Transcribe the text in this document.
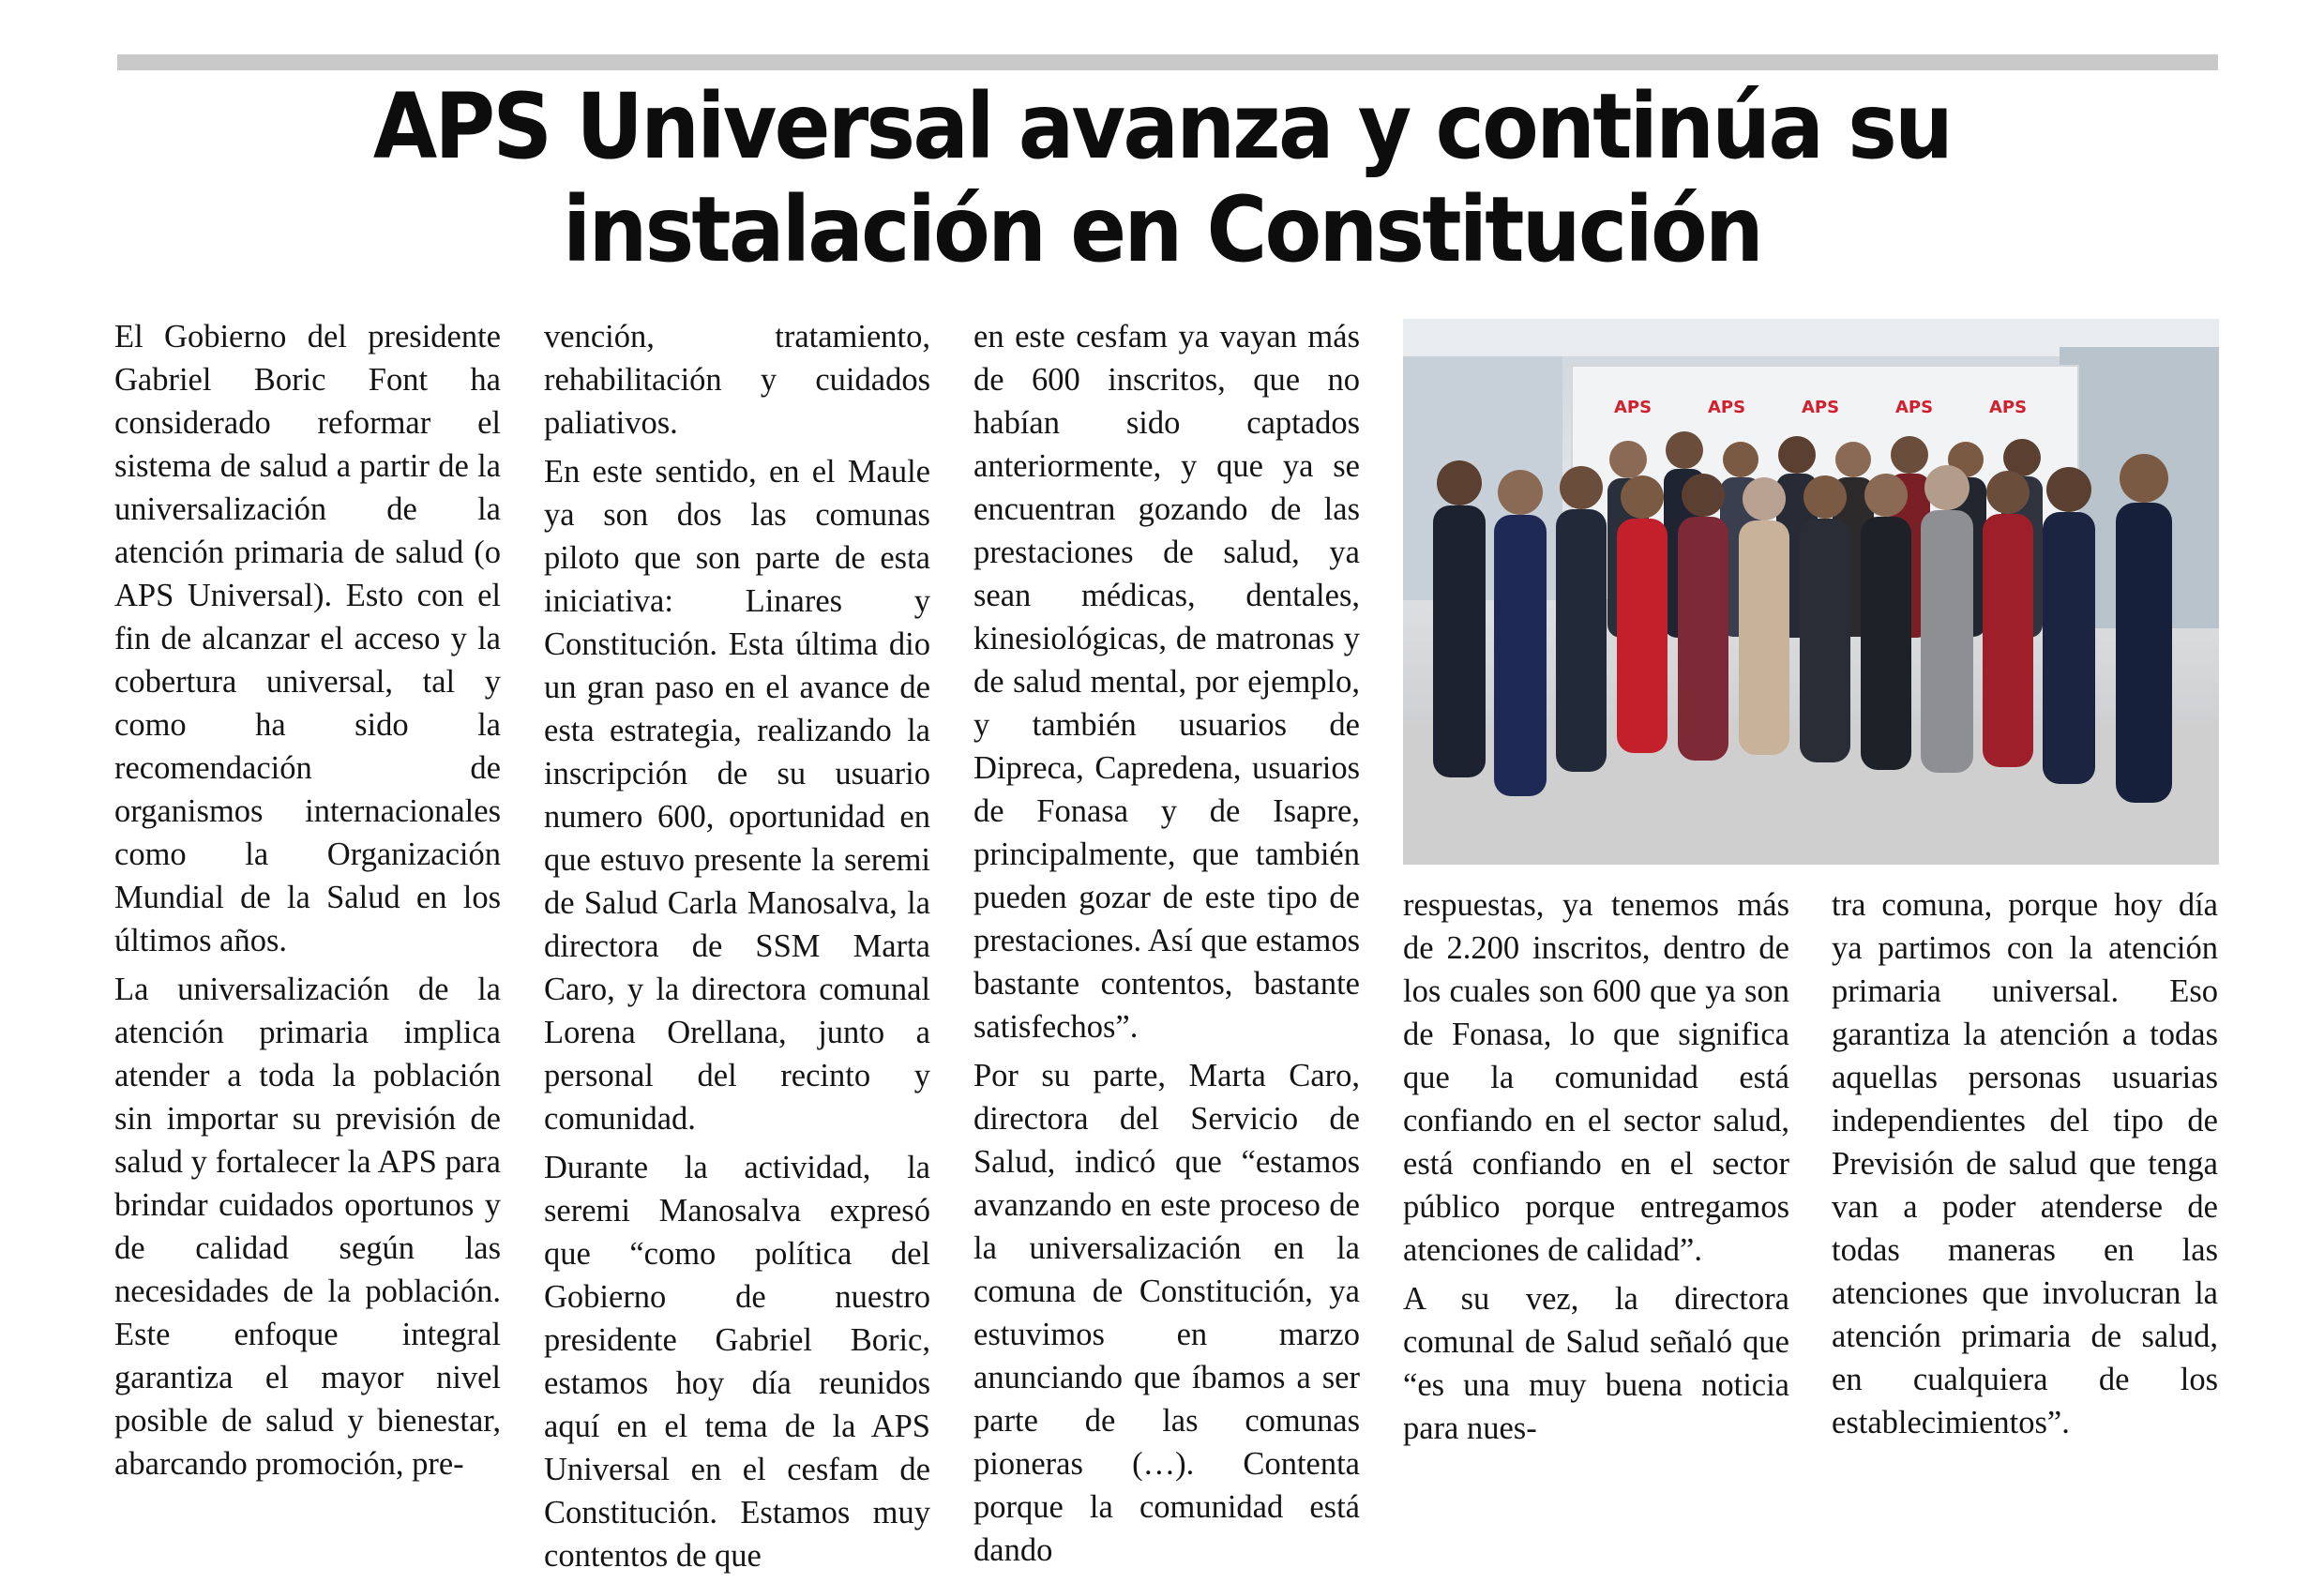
APS Universal avanza y continúa su instalación en Constitución

El Gobierno del presidente Gabriel Boric Font ha considerado reformar el sistema de salud a partir de la universalización de la atención primaria de salud (o APS Universal). Esto con el fin de alcanzar el acceso y la cobertura universal, tal y como ha sido la recomendación de organismos internacionales como la Organización Mundial de la Salud en los últimos años.

La universalización de la atención primaria implica atender a toda la población sin importar su previsión de salud y fortalecer la APS para brindar cuidados oportunos y de calidad según las necesidades de la población. Este enfoque integral garantiza el mayor nivel posible de salud y bienestar, abarcando promoción, pre-

vención, tratamiento, rehabilitación y cuidados paliativos.

En este sentido, en el Maule ya son dos las comunas piloto que son parte de esta iniciativa: Linares y Constitución. Esta última dio un gran paso en el avance de esta estrategia, realizando la inscripción de su usuario numero 600, oportunidad en que estuvo presente la seremi de Salud Carla Manosalva, la directora de SSM Marta Caro, y la directora comunal Lorena Orellana, junto a personal del recinto y comunidad.

Durante la actividad, la seremi Manosalva expresó que “como política del Gobierno de nuestro presidente Gabriel Boric, estamos hoy día reunidos aquí en el tema de la APS Universal en el cesfam de Constitución. Estamos muy contentos de que

en este cesfam ya vayan más de 600 inscritos, que no habían sido captados anteriormente, y que ya se encuentran gozando de las prestaciones de salud, ya sean médicas, dentales, kinesiológicas, de matronas y de salud mental, por ejemplo, y también usuarios de Dipreca, Capredena, usuarios de Fonasa y de Isapre, principalmente, que también pueden gozar de este tipo de prestaciones. Así que estamos bastante contentos, bastante satisfechos”.

Por su parte, Marta Caro, directora del Servicio de Salud, indicó que “estamos avanzando en este proceso de la universalización en la comuna de Constitución, ya estuvimos en marzo anunciando que íbamos a ser parte de las comunas pioneras (…). Contenta porque la comunidad está dando

APS	APS	APS	APS	APS

respuestas, ya tenemos más de 2.200 inscritos, dentro de los cuales son 600 que ya son de Fonasa, lo que significa que la comunidad está confiando en el sector salud, está confiando en el sector público porque entregamos atenciones de calidad”.

A su vez, la directora comunal de Salud señaló que “es una muy buena noticia para nues-

tra comuna, porque hoy día ya partimos con la atención primaria universal. Eso garantiza la atención a todas aquellas personas usuarias independientes del tipo de Previsión de salud que tenga van a poder atenderse de todas maneras en las atenciones que involucran la atención primaria de salud, en cualquiera de los establecimientos”.
